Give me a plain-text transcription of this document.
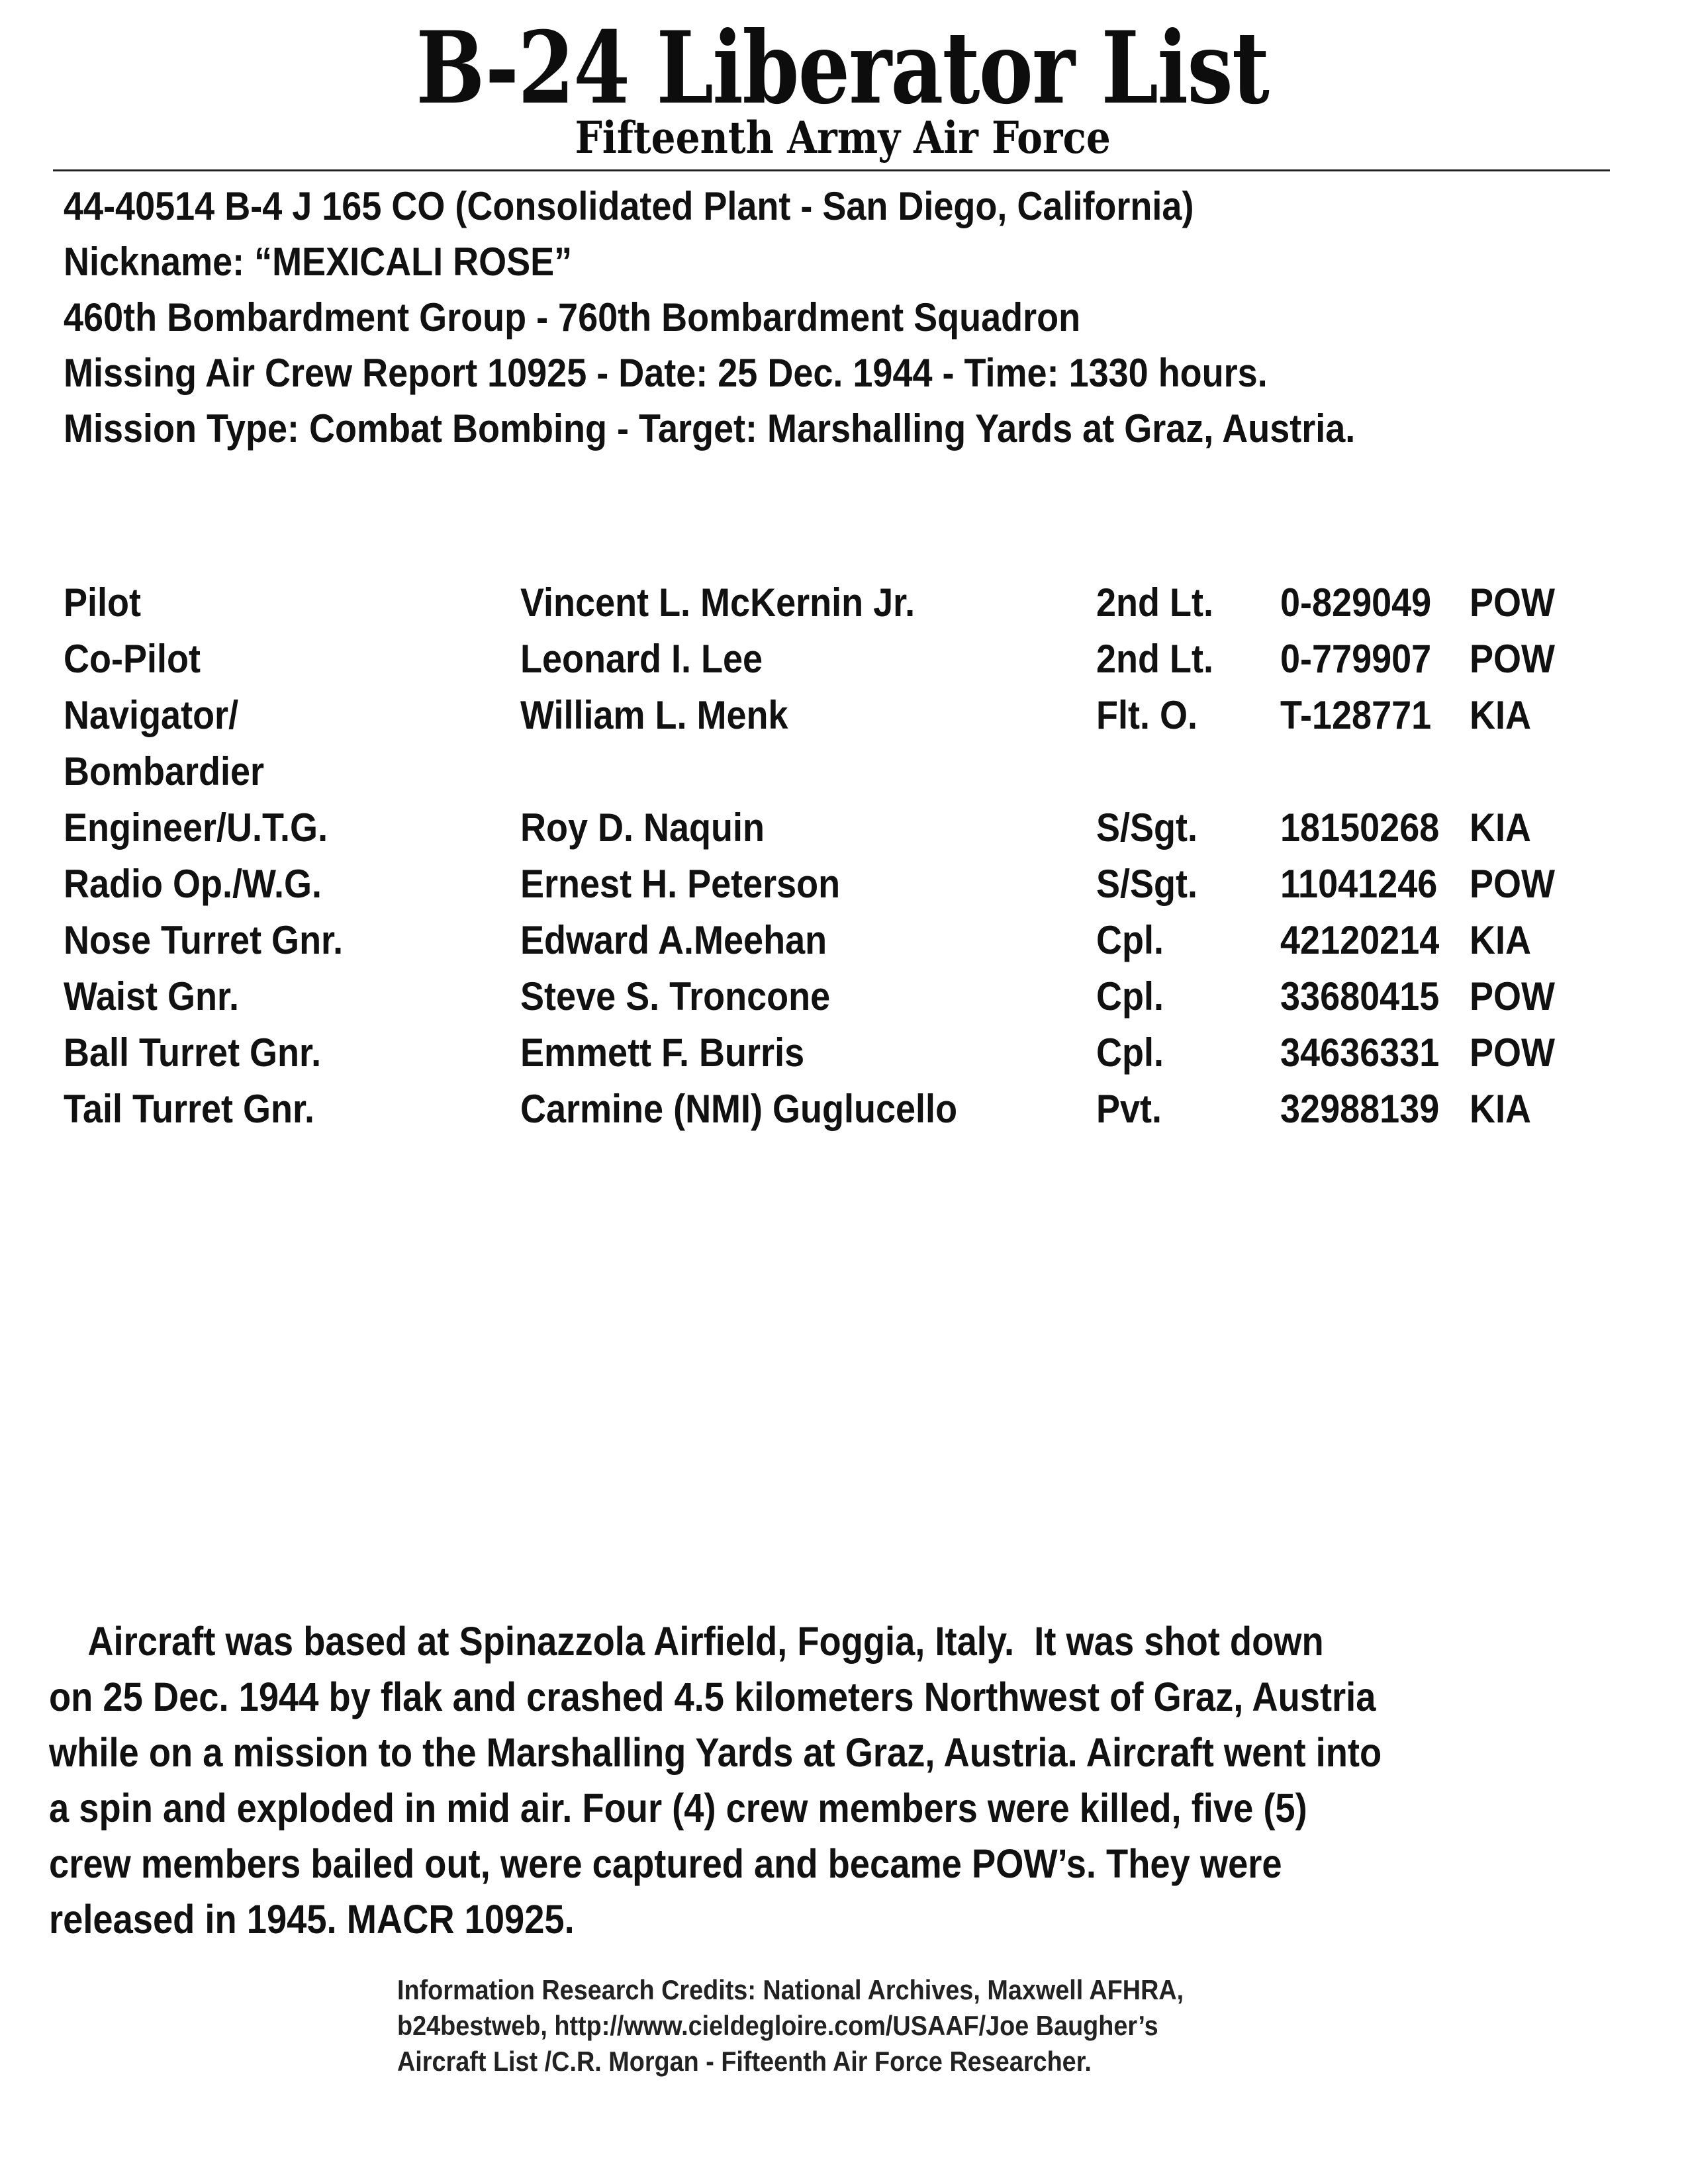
B-24 Liberator List
Fifteenth Army Air Force
44-40514 B-4 J 165 CO (Consolidated Plant - San Diego, California)
Nickname: “MEXICALI ROSE”
460th Bombardment Group - 760th Bombardment Squadron
Missing Air Crew Report 10925 - Date: 25 Dec. 1944 - Time: 1330 hours.
Mission Type: Combat Bombing - Target: Marshalling Yards at Graz, Austria.
Pilot	Vincent L. McKernin Jr.	2nd Lt. 0-829049 POW
Co-Pilot	Leonard I. Lee	2nd Lt. 0-779907 POW
Navigator/	William L. Menk	Flt. O. T-128771 KIA
Bombardier
Engineer/U.T.G.	Roy D. Naquin	S/Sgt. 18150268 KIA
Radio Op./W.G.	Ernest H. Peterson	S/Sgt. 11041246 POW
Nose Turret Gnr.	Edward A.Meehan	Cpl.	42120214 KIA
Waist Gnr.	Steve S. Troncone	Cpl.	33680415 POW
Ball Turret Gnr.	Emmett F. Burris	Cpl.	34636331 POW
Tail Turret Gnr.	Carmine (NMI) Guglucello	Pvt.	32988139 KIA
Aircraft was based at Spinazzola Airfield, Foggia, Italy.  It was shot down
on 25 Dec. 1944 by flak and crashed 4.5 kilometers Northwest of Graz, Austria
while on a mission to the Marshalling Yards at Graz, Austria. Aircraft went into
a spin and exploded in mid air. Four (4) crew members were killed, five (5)
crew members bailed out, were captured and became POW’s. They were
released in 1945. MACR 10925.
Information Research Credits: National Archives, Maxwell AFHRA,
b24bestweb, http://www.cieldegloire.com/USAAF/Joe Baugher’s
Aircraft List /C.R. Morgan - Fifteenth Air Force Researcher.
